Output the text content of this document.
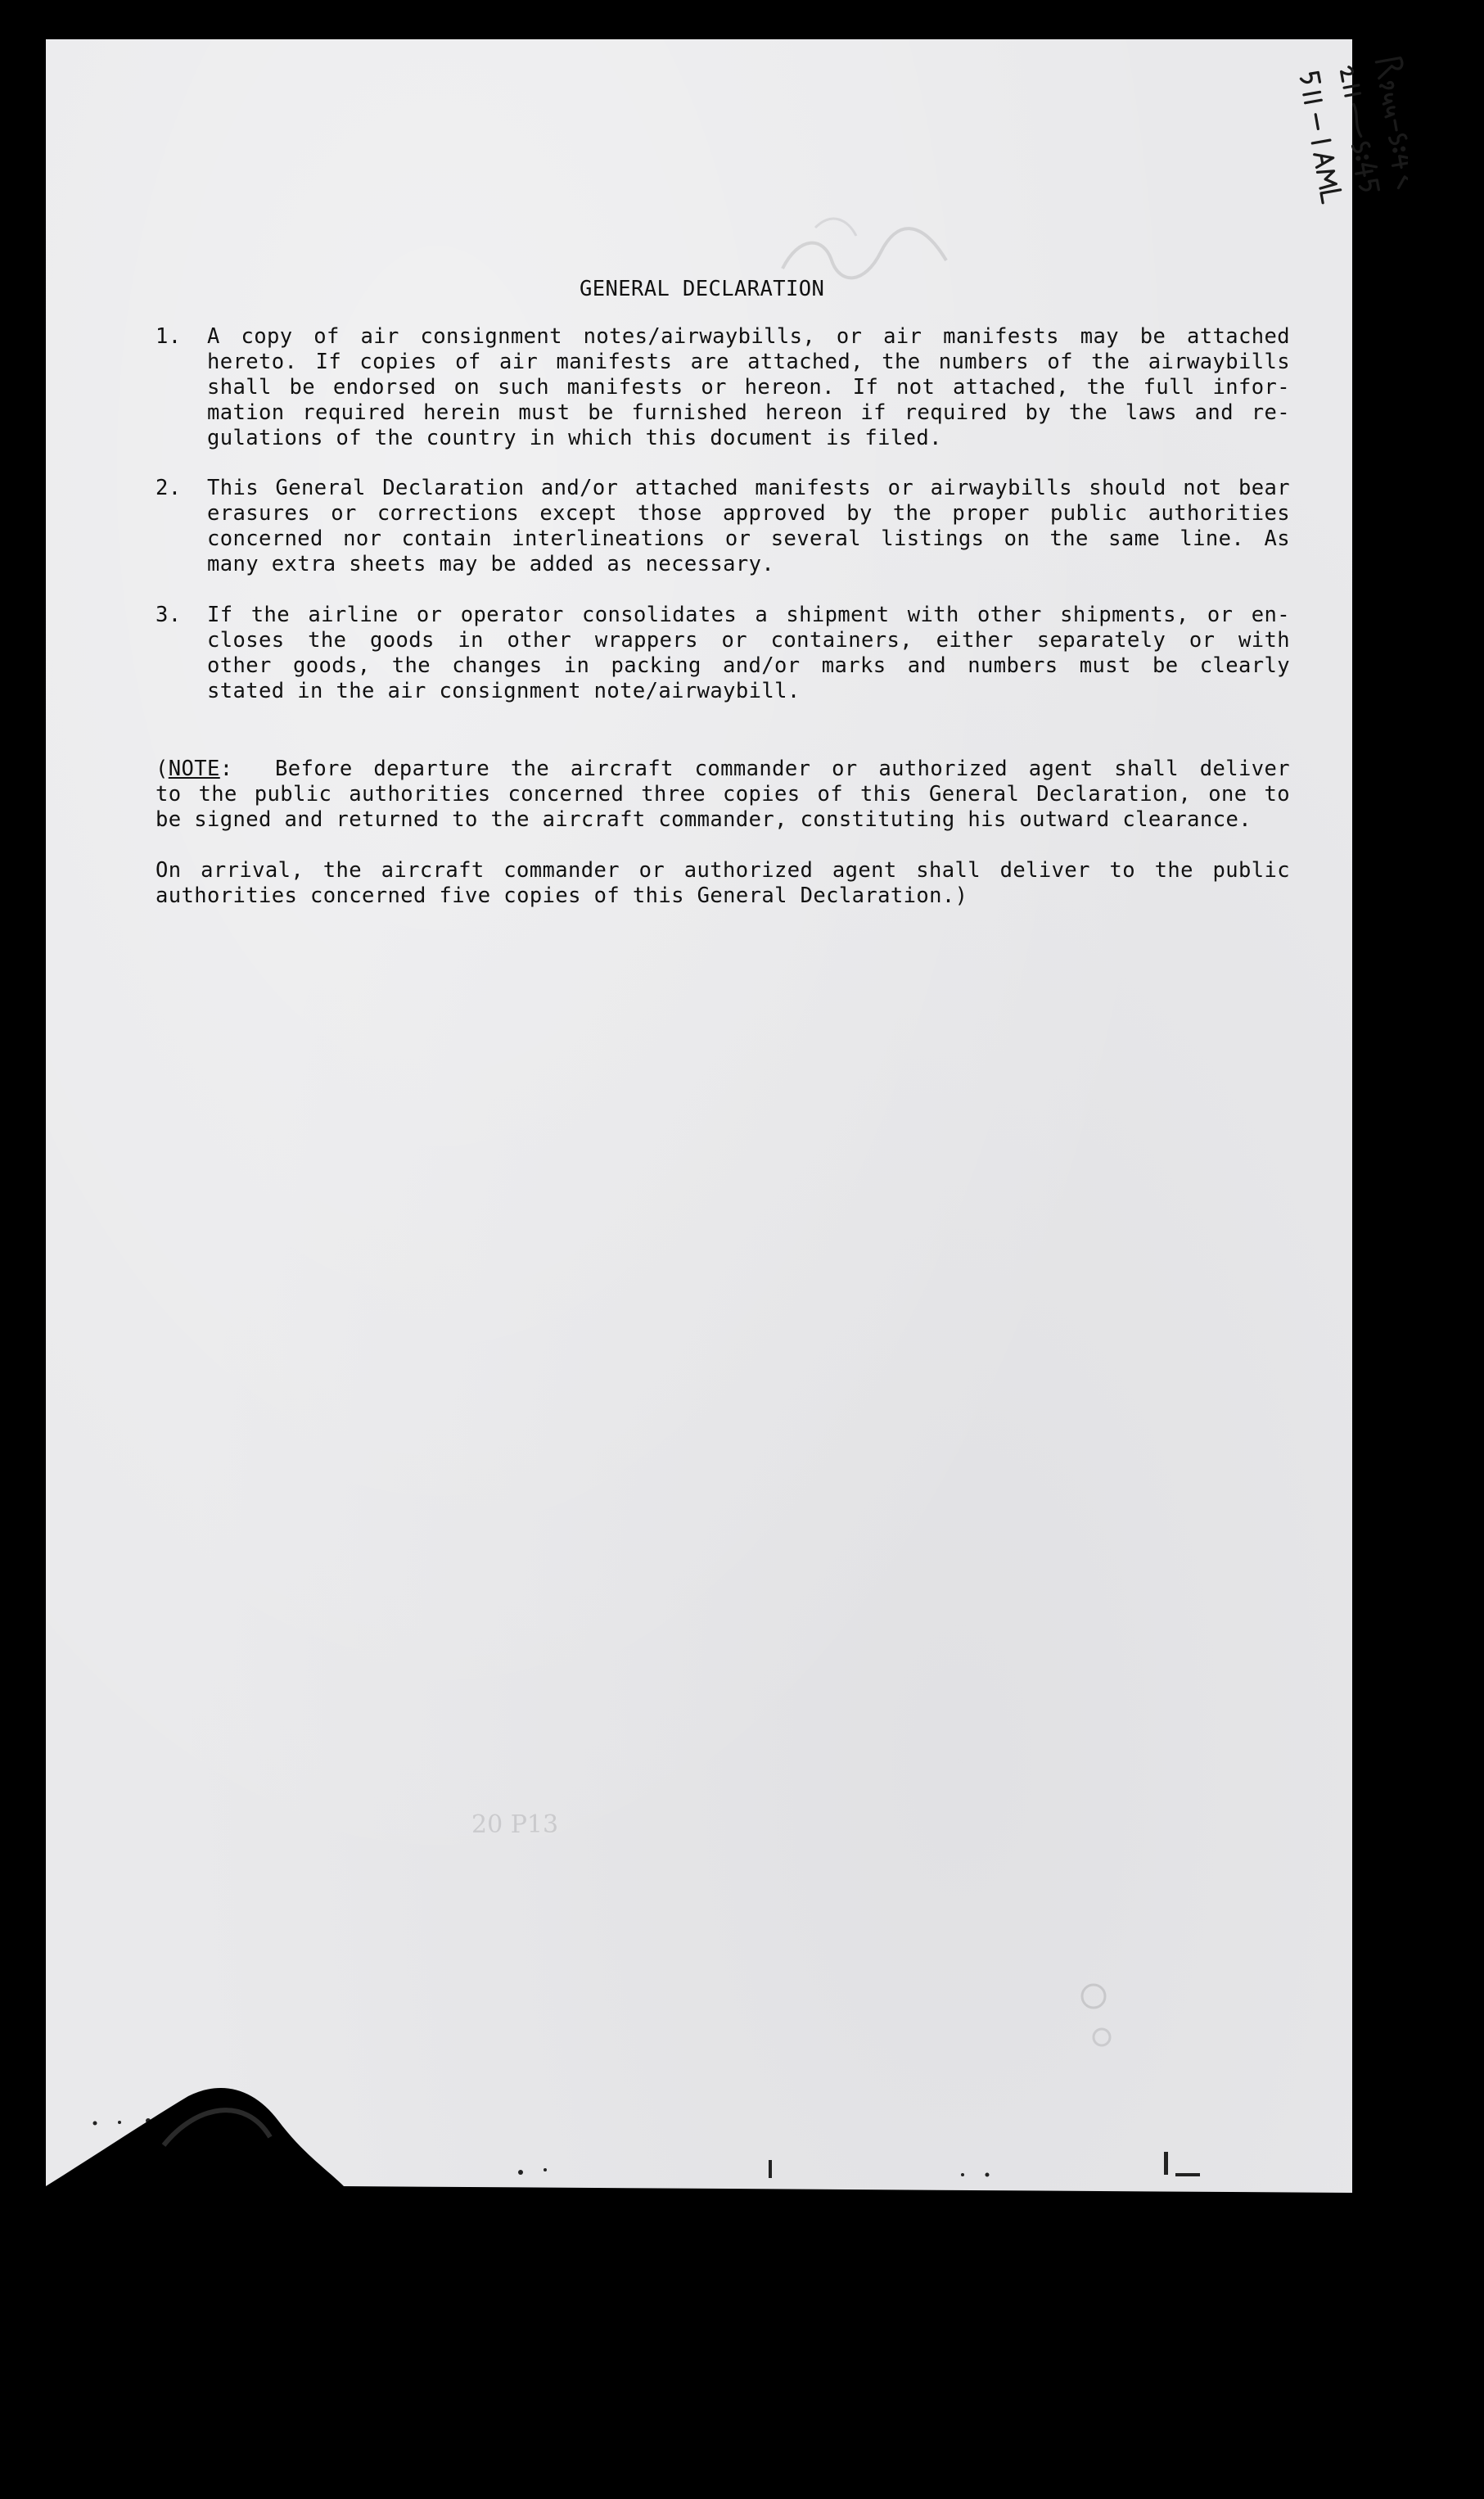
GENERAL DECLARATION
1. A copy of air consignment notes/airwaybills, or air manifests may be attached
hereto. If copies of air manifests are attached, the numbers of the airwaybills
shall be endorsed on such manifests or hereon. If not attached, the full infor-
mation required herein must be furnished hereon if required by the laws and re-
gulations of the country in which this document is filed.
2. This General Declaration and/or attached manifests or airwaybills should not bear
erasures or corrections except those approved by the proper public authorities
concerned nor contain interlineations or several listings on the same line. As
many extra sheets may be added as necessary.
3. If the airline or operator consolidates a shipment with other shipments, or en-
closes the goods in other wrappers or containers, either separately or with
other goods, the changes in packing and/or marks and numbers must be clearly
stated in the air consignment note/airwaybill.
(NOTE:  Before departure the aircraft commander or authorized agent shall deliver
to the public authorities concerned three copies of this General Declaration, one to
be signed and returned to the aircraft commander, constituting his outward clearance.
On arrival, the aircraft commander or authorized agent shall deliver to the public
authorities concerned five copies of this General Declaration.)
20 P13
